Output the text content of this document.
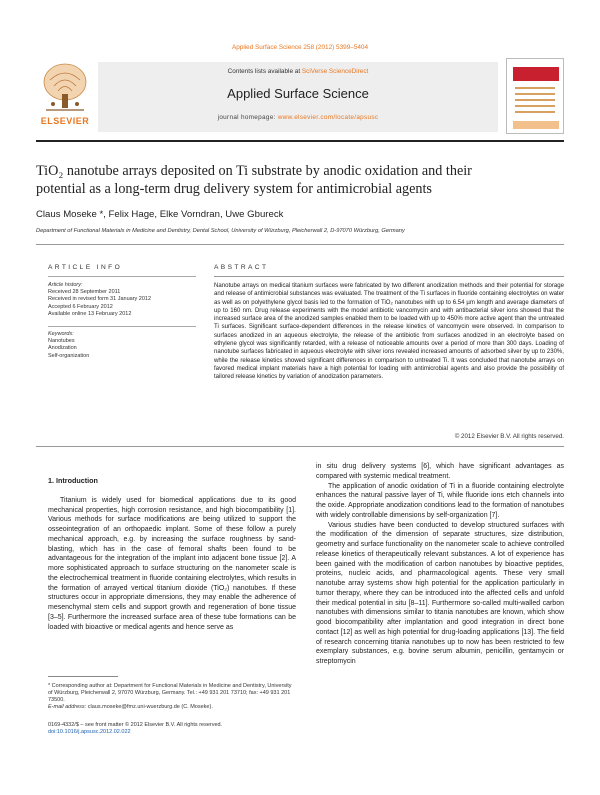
Applied Surface Science 258 (2012) 5399–5404
ELSEVIER
Contents lists available at SciVerse ScienceDirect
Applied Surface Science
journal homepage: www.elsevier.com/locate/apsusc
TiO₂ nanotube arrays deposited on Ti substrate by anodic oxidation and their
potential as a long-term drug delivery system for antimicrobial agents
Claus Moseke *, Felix Hage, Elke Vorndran, Uwe Gbureck
Department of Functional Materials in Medicine and Dentistry, Dental School, University of Würzburg, Pleicherwall 2, D-97070 Würzburg, Germany
ARTICLE INFO	ABSTRACT
Article history:
Received 28 September 2011
Received in revised form 31 January 2012
Accepted 6 February 2012
Available online 13 February 2012
Keywords:
Nanotubes
Anodization
Self-organization
Nanotube arrays on medical titanium surfaces were fabricated by two different anodization methods and their potential for storage and release of antimicrobial substances was evaluated. The treatment of the Ti surfaces in fluoride containing electrolytes on water as well as on polyethylene glycol basis led to the formation of TiO₂ nanotubes with up to 6.54 µm length and average diameters of up to 160 nm. Drug release experiments with the model antibiotic vancomycin and with antibacterial silver ions showed that the increased surface area of the anodized samples enabled them to be loaded with up to 450% more active agent than the untreated Ti surfaces. Significant surface-dependent differences in the release kinetics of vancomycin were observed. In comparison to surfaces anodized in an aqueous electrolyte, the release of the antibiotic from surfaces anodized in an electrolyte based on ethylene glycol was significantly retarded, with a release of noticeable amounts over a period of more than 300 days. Loading of nanotube surfaces fabricated in aqueous electrolyte with silver ions revealed increased amounts of adsorbed silver by up to 230%, while the release kinetics showed significant differences in comparison to untreated Ti. It was concluded that nanotube arrays on favored medical implant materials have a high potential for loading with antimicrobial agents and also provide the possibility of tailored release kinetics by variation of anodization parameters.
© 2012 Elsevier B.V. All rights reserved.
1. Introduction

Titanium is widely used for biomedical applications due to its good mechanical properties, high corrosion resistance, and high biocompatibility [1]. Various methods for surface modifications are being utilized to support the osseointegration of an orthopaedic implant. Some of these follow a purely mechanical approach, e.g. by increasing the surface roughness by sand-blasting, which has in the case of femoral shafts been found to be advantageous for the integration of the implant into adjacent bone tissue [2]. A more sophisticated approach to surface structuring on the nanometer scale is the electrochemical treatment in fluoride containing electrolytes, which results in the formation of arrayed vertical titanium dioxide (TiO₂) nanotubes. If these structures occur in appropriate dimensions, they may enable the adherence of mesenchymal stem cells and support growth and regeneration of bone tissue [3–5]. Furthermore the increased surface area of these tube formations can be loaded with bioactive or medical agents and hence serve as

in situ drug delivery systems [6], which have significant advantages as compared with systemic medical treatment.

The application of anodic oxidation of Ti in a fluoride containing electrolyte enhances the natural passive layer of Ti, while fluoride ions etch channels into the oxide. Appropriate anodization conditions lead to the formation of nanotubes with widely controllable dimensions by self-organization [7].

Various studies have been conducted to develop structured surfaces with the modification of the dimension of separate structures, size distribution, geometry and surface functionality on the nanometer scale to achieve controlled release kinetics of therapeutically relevant substances. A lot of experience has been gained with the modification of carbon nanotubes by bioactive peptides, proteins, nucleic acids, and pharmacological agents. These very small nanotube array systems show high potential for the application particularly in tumor therapy, where they can be introduced into the affected cells and unfold their medical potential in situ [8–11]. Furthermore so-called multi-walled carbon nanotubes with dimensions similar to titania nanotubes are known, which show good biocompatibility after implantation and good integration in direct bone contact [12] as well as high potential for drug-loading applications [13]. The field of research concerning titania nanotubes up to now has been restricted to few exemplary substances, e.g. bovine serum albumin, penicillin, gentamycin or streptomycin

* Corresponding author at: Department for Functional Materials in Medicine and Dentistry, University of Würzburg, Pleicherwall 2, 97070 Würzburg, Germany. Tel.: +49 931 201 73710; fax: +49 931 201 73500.
E-mail address: claus.moseke@fmz.uni-wuerzburg.de (C. Moseke).
0169-4332/$ – see front matter © 2012 Elsevier B.V. All rights reserved.
doi:10.1016/j.apsusc.2012.02.022
